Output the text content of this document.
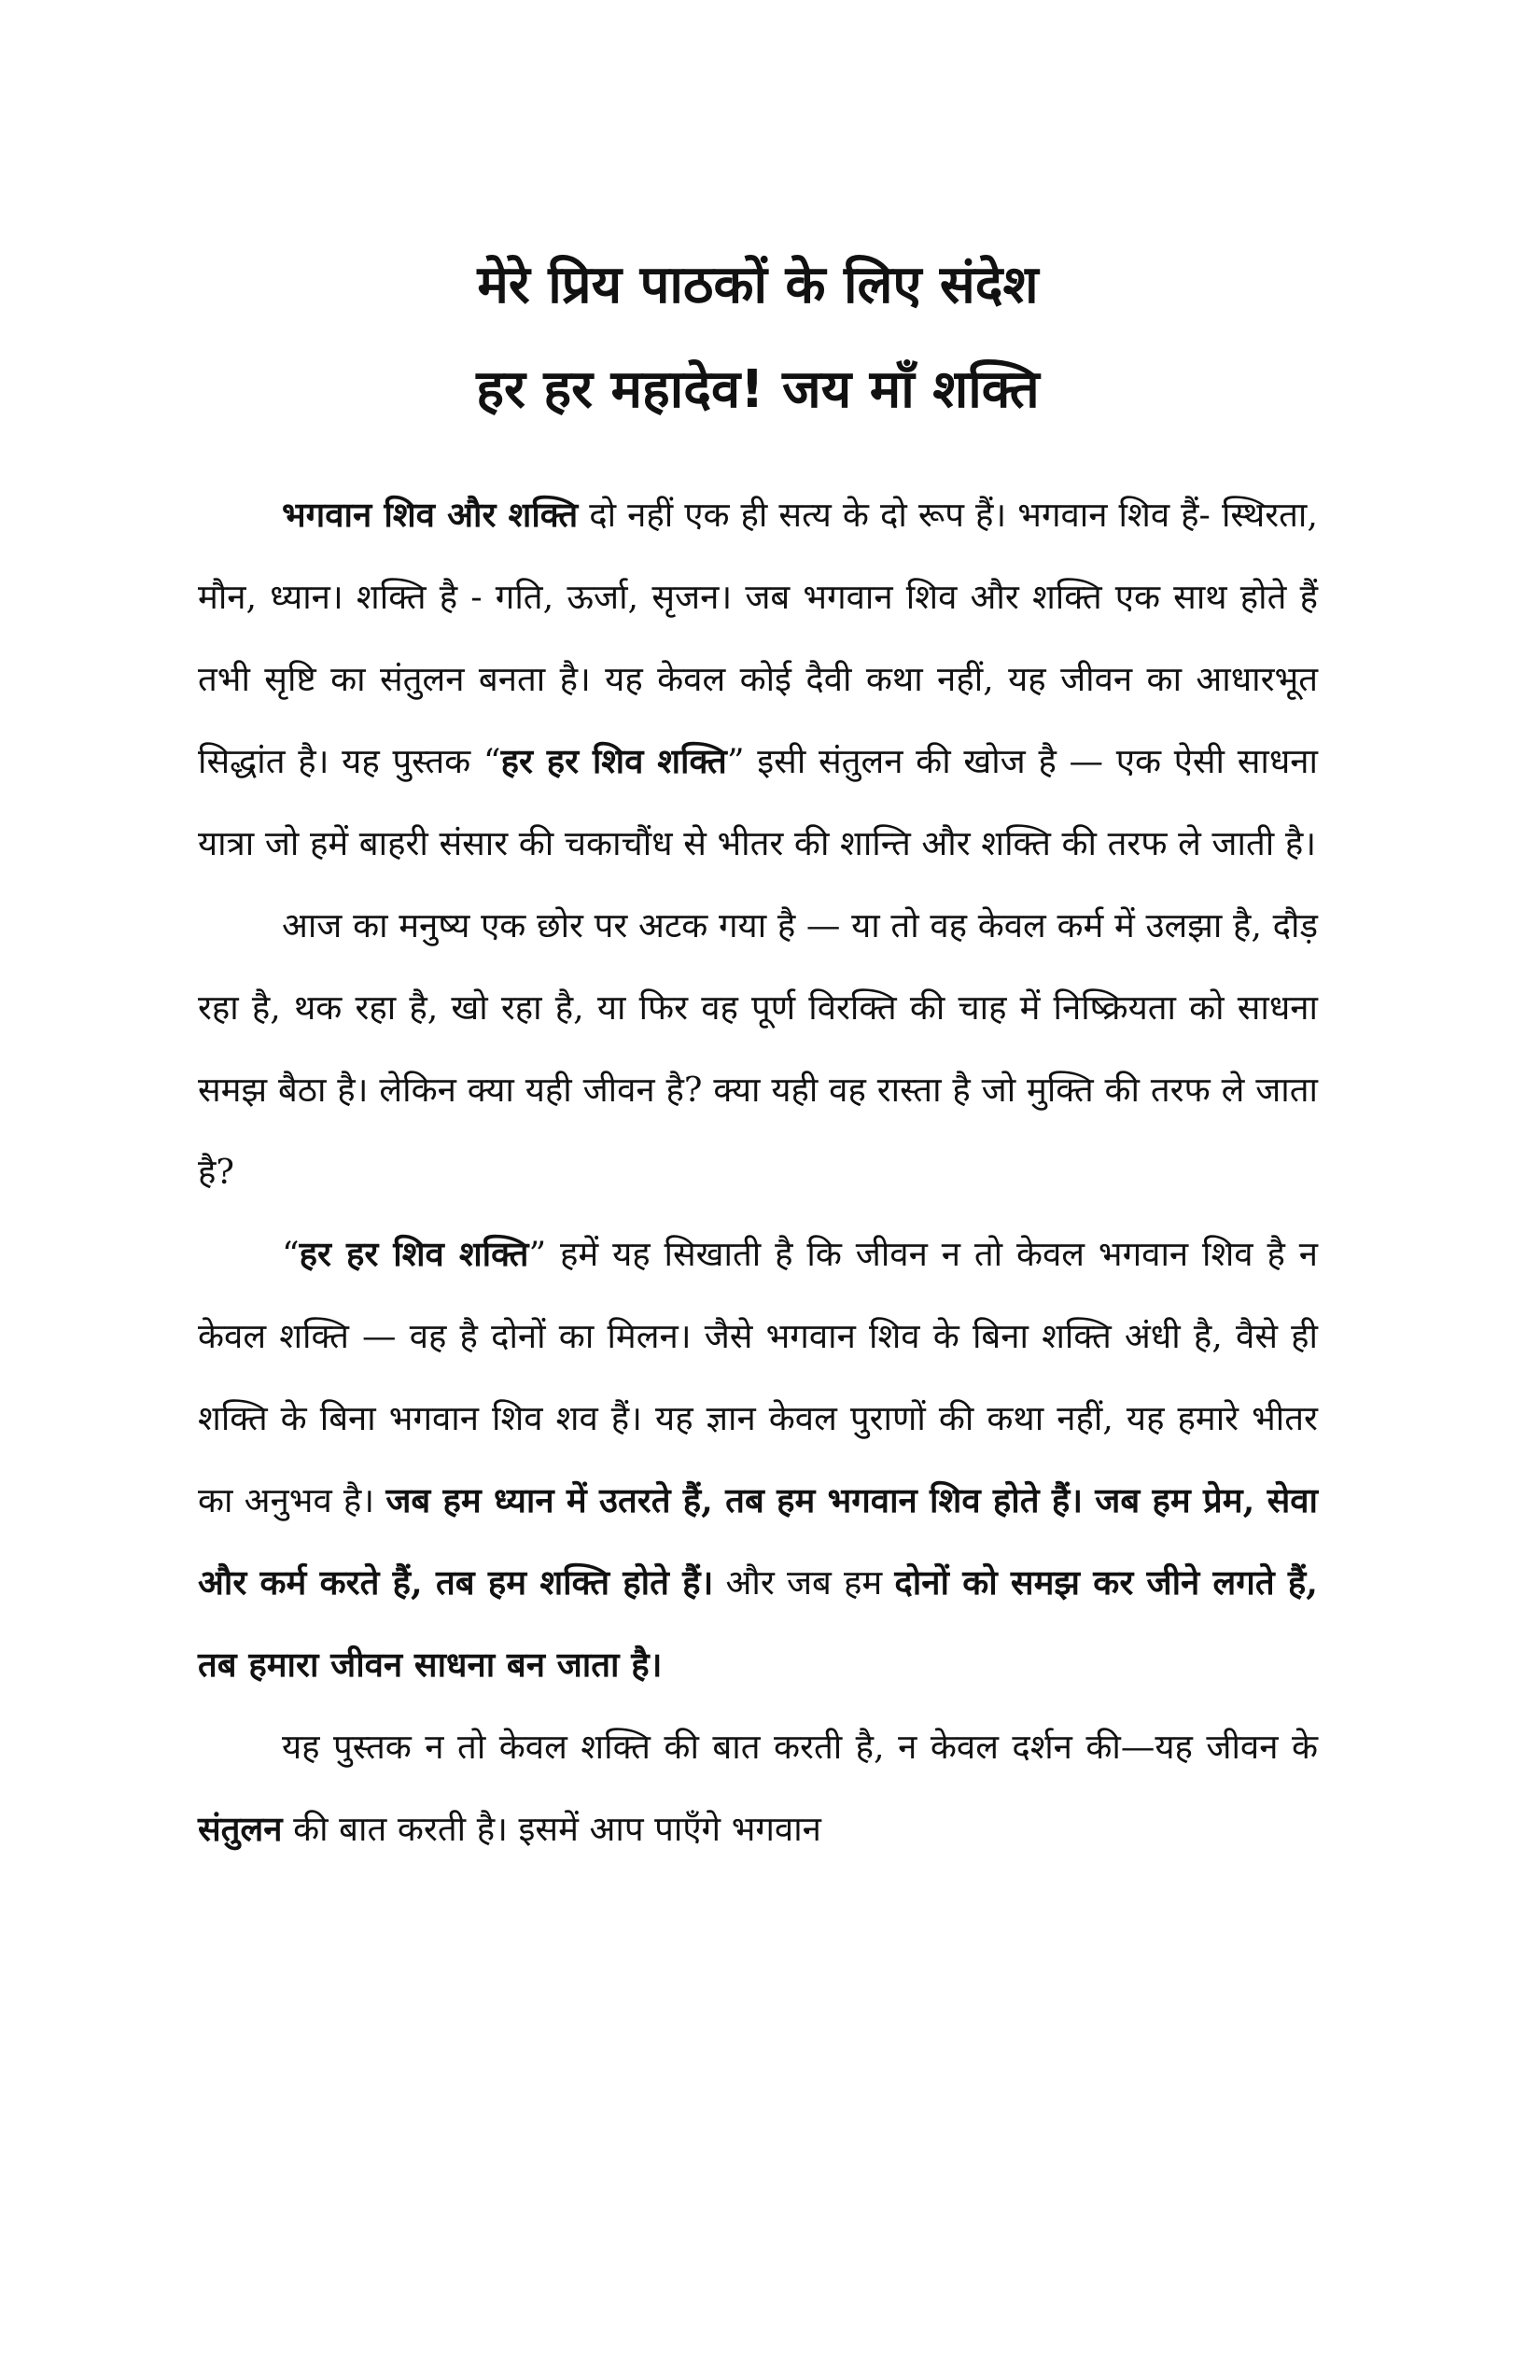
मेरे प्रिय पाठकों के लिए संदेश
हर हर महादेव! जय माँ शक्ति

भगवान शिव और शक्ति दो नहीं एक ही सत्य के दो रूप हैं। भगवान शिव हैं- स्थिरता, मौन, ध्यान। शक्ति है - गति, ऊर्जा, सृजन। जब भगवान शिव और शक्ति एक साथ होते हैं तभी सृष्टि का संतुलन बनता है। यह केवल कोई दैवी कथा नहीं, यह जीवन का आधारभूत सिद्धांत है। यह पुस्तक “हर हर शिव शक्ति” इसी संतुलन की खोज है — एक ऐसी साधना यात्रा जो हमें बाहरी संसार की चकाचौंध से भीतर की शान्ति और शक्ति की तरफ ले जाती है।

आज का मनुष्य एक छोर पर अटक गया है — या तो वह केवल कर्म में उलझा है, दौड़ रहा है, थक रहा है, खो रहा है, या फिर वह पूर्ण विरक्ति की चाह में निष्क्रियता को साधना समझ बैठा है। लेकिन क्या यही जीवन है? क्या यही वह रास्ता है जो मुक्ति की तरफ ले जाता है?

“हर हर शिव शक्ति” हमें यह सिखाती है कि जीवन न तो केवल भगवान शिव है न केवल शक्ति — वह है दोनों का मिलन। जैसे भगवान शिव के बिना शक्ति अंधी है, वैसे ही शक्ति के बिना भगवान शिव शव हैं। यह ज्ञान केवल पुराणों की कथा नहीं, यह हमारे भीतर का अनुभव है। जब हम ध्यान में उतरते हैं, तब हम भगवान शिव होते हैं। जब हम प्रेम, सेवा और कर्म करते हैं, तब हम शक्ति होते हैं। और जब हम दोनों को समझ कर जीने लगते हैं, तब हमारा जीवन साधना बन जाता है।

यह पुस्तक न तो केवल शक्ति की बात करती है, न केवल दर्शन की—यह जीवन के संतुलन की बात करती है। इसमें आप पाएँगे भगवान
